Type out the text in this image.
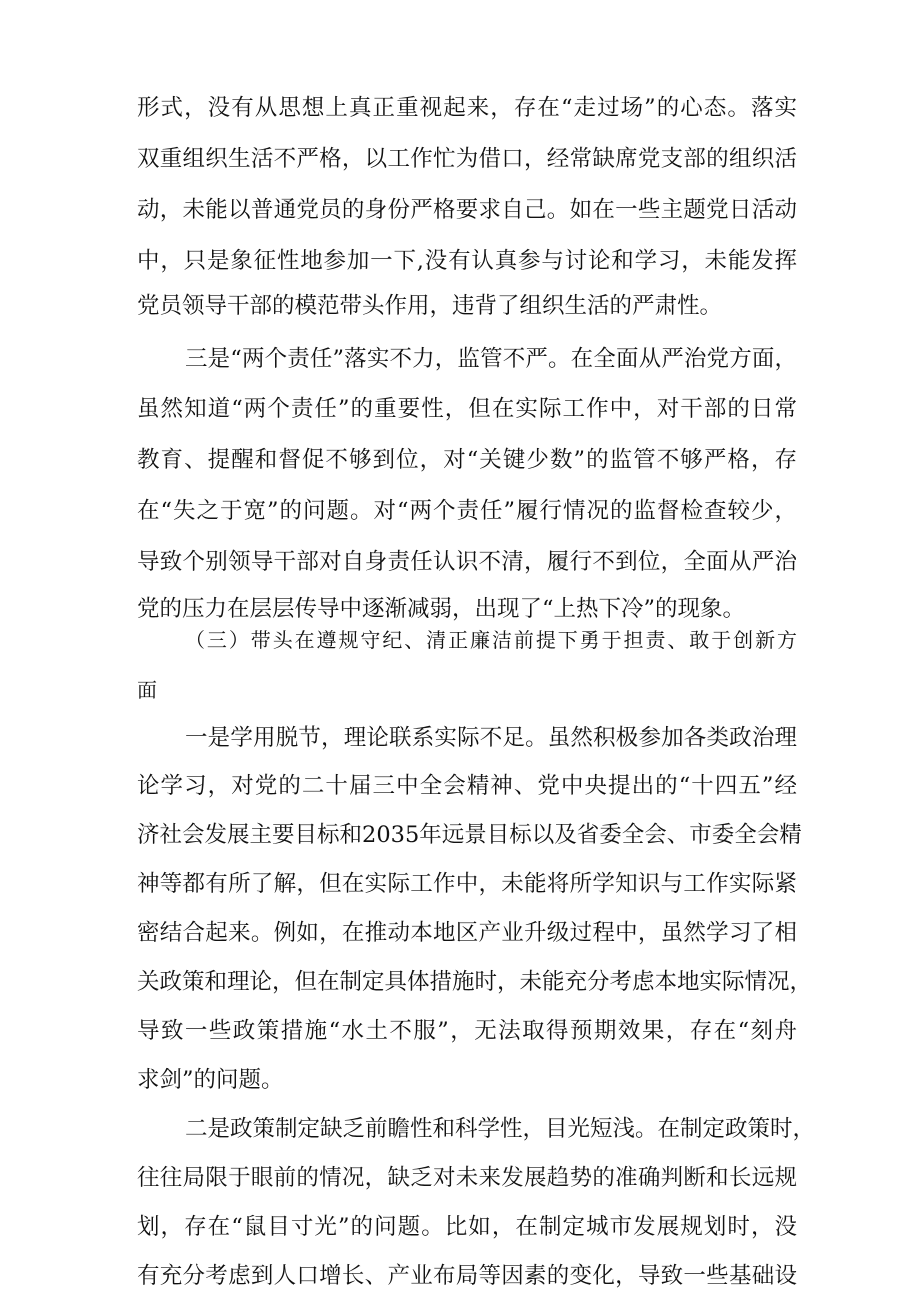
形式，没有从思想上真正重视起来，存在“走过场”的心态。落实
双重组织生活不严格，以工作忙为借口，经常缺席党支部的组织活
动，未能以普通党员的身份严格要求自己。如在一些主题党日活动
中，只是象征性地参加一下,没有认真参与讨论和学习，未能发挥
党员领导干部的模范带头作用，违背了组织生活的严肃性。
三是“两个责任”落实不力，监管不严。在全面从严治党方面，
虽然知道“两个责任”的重要性，但在实际工作中，对干部的日常
教育、提醒和督促不够到位，对“关键少数”的监管不够严格，存
在“失之于宽”的问题。对“两个责任”履行情况的监督检查较少，
导致个别领导干部对自身责任认识不清，履行不到位，全面从严治
党的压力在层层传导中逐渐减弱，出现了“上热下冷”的现象。
（三）带头在遵规守纪、清正廉洁前提下勇于担责、敢于创新方
面
一是学用脱节，理论联系实际不足。虽然积极参加各类政治理
论学习，对党的二十届三中全会精神、党中央提出的“十四五”经
济社会发展主要目标和2035年远景目标以及省委全会、市委全会精
神等都有所了解，但在实际工作中，未能将所学知识与工作实际紧
密结合起来。例如，在推动本地区产业升级过程中，虽然学习了相
关政策和理论，但在制定具体措施时，未能充分考虑本地实际情况，
导致一些政策措施“水土不服”，无法取得预期效果，存在“刻舟
求剑”的问题。
二是政策制定缺乏前瞻性和科学性，目光短浅。在制定政策时，
往往局限于眼前的情况，缺乏对未来发展趋势的准确判断和长远规
划，存在“鼠目寸光”的问题。比如，在制定城市发展规划时，没
有充分考虑到人口增长、产业布局等因素的变化，导致一些基础设
